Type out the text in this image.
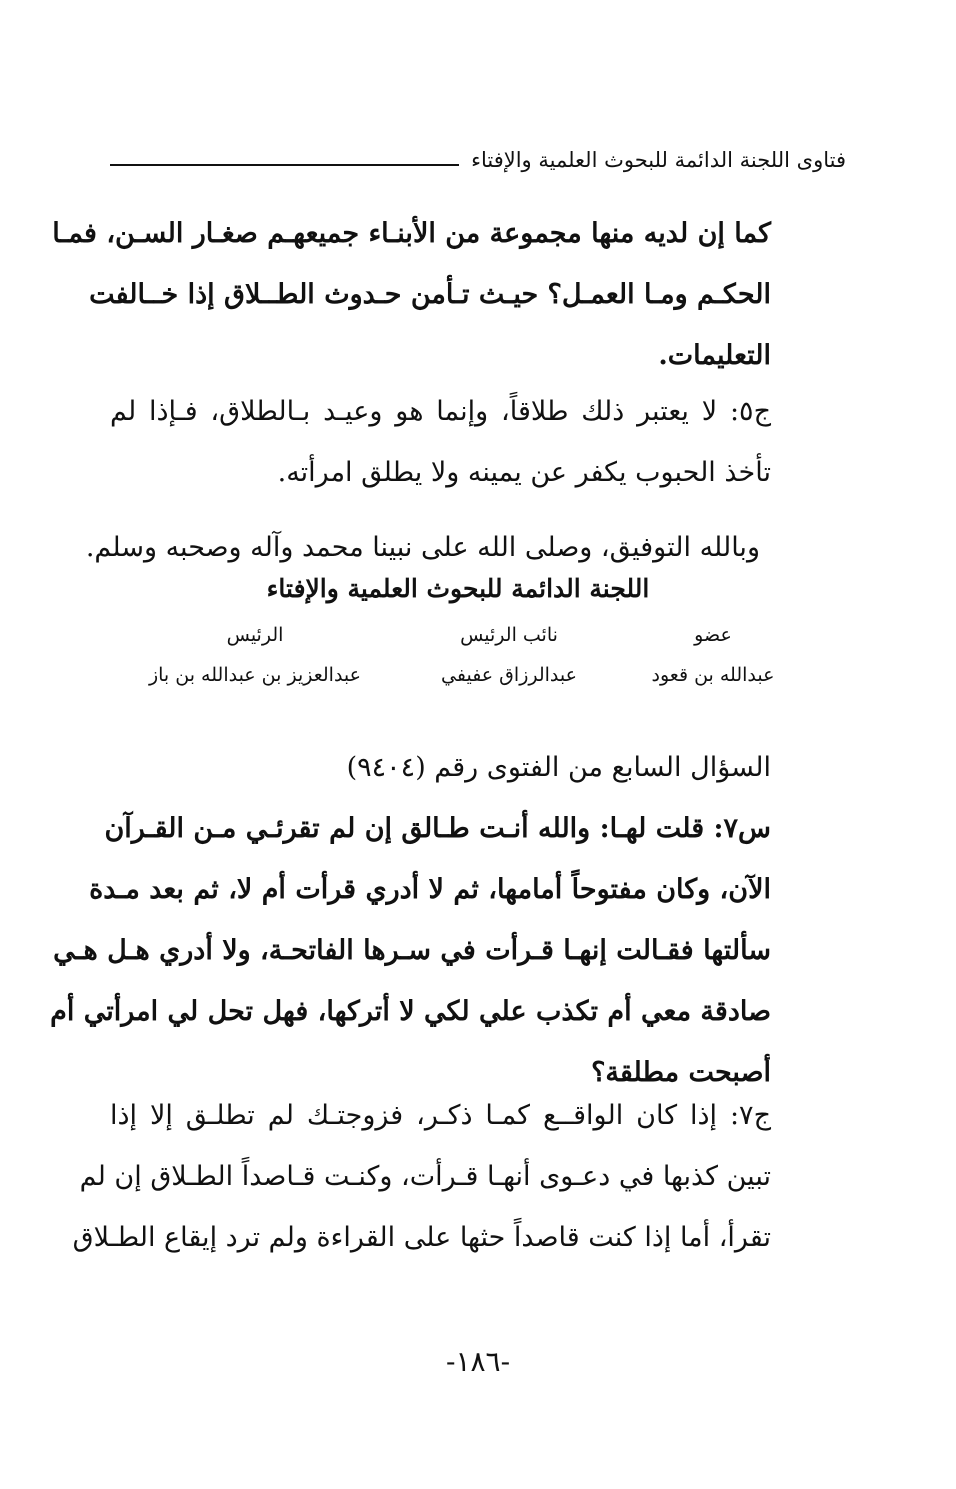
فتاوى اللجنة الدائمة للبحوث العلمية والإفتاء
كما إن لديه منها مجموعة من الأبنـاء جميعهـم صغـار السـن، فمـا
الحكـم ومـا العمـل؟ حيـث تـأمن حـدوث الطــلاق إذا خــالفت
التعليمات.
ج٥: لا يعتبر ذلك طلاقاً، وإنما هو وعيـد بـالطلاق، فـإذا لم
تأخذ الحبوب يكفر عن يمينه ولا يطلق امرأته.
وبالله التوفيق، وصلى الله على نبينا محمد وآله وصحبه وسلم.
اللجنة الدائمة للبحوث العلمية والإفتاء
عضو
نائب الرئيس
الرئيس
عبدالله بن قعود
عبدالرزاق عفيفي
عبدالعزيز بن عبدالله بن باز
السؤال السابع من الفتوى رقم (٩٤٠٤)
س٧: قلت لهـا: والله أنـت طـالق إن لم تقرئـي مـن القـرآن
الآن، وكان مفتوحاً أمامها، ثم لا أدري قرأت أم لا، ثم بعد مـدة
سألتها فقـالت إنهـا قـرأت في سـرها الفاتحـة، ولا أدري هـل هـي
صادقة معي أم تكذب علي لكي لا أتركها، فهل تحل لي امرأتي أم
أصبحت مطلقة؟
ج٧: إذا كان الواقــع كمـا ذكـر، فزوجتـك لم تطلـق إلا إذا
تبين كذبها في دعـوى أنهـا قـرأت، وكنـت قـاصداً الطـلاق إن لم
تقرأ، أما إذا كنت قاصداً حثها على القراءة ولم ترد إيقاع الطـلاق
-١٨٦-
